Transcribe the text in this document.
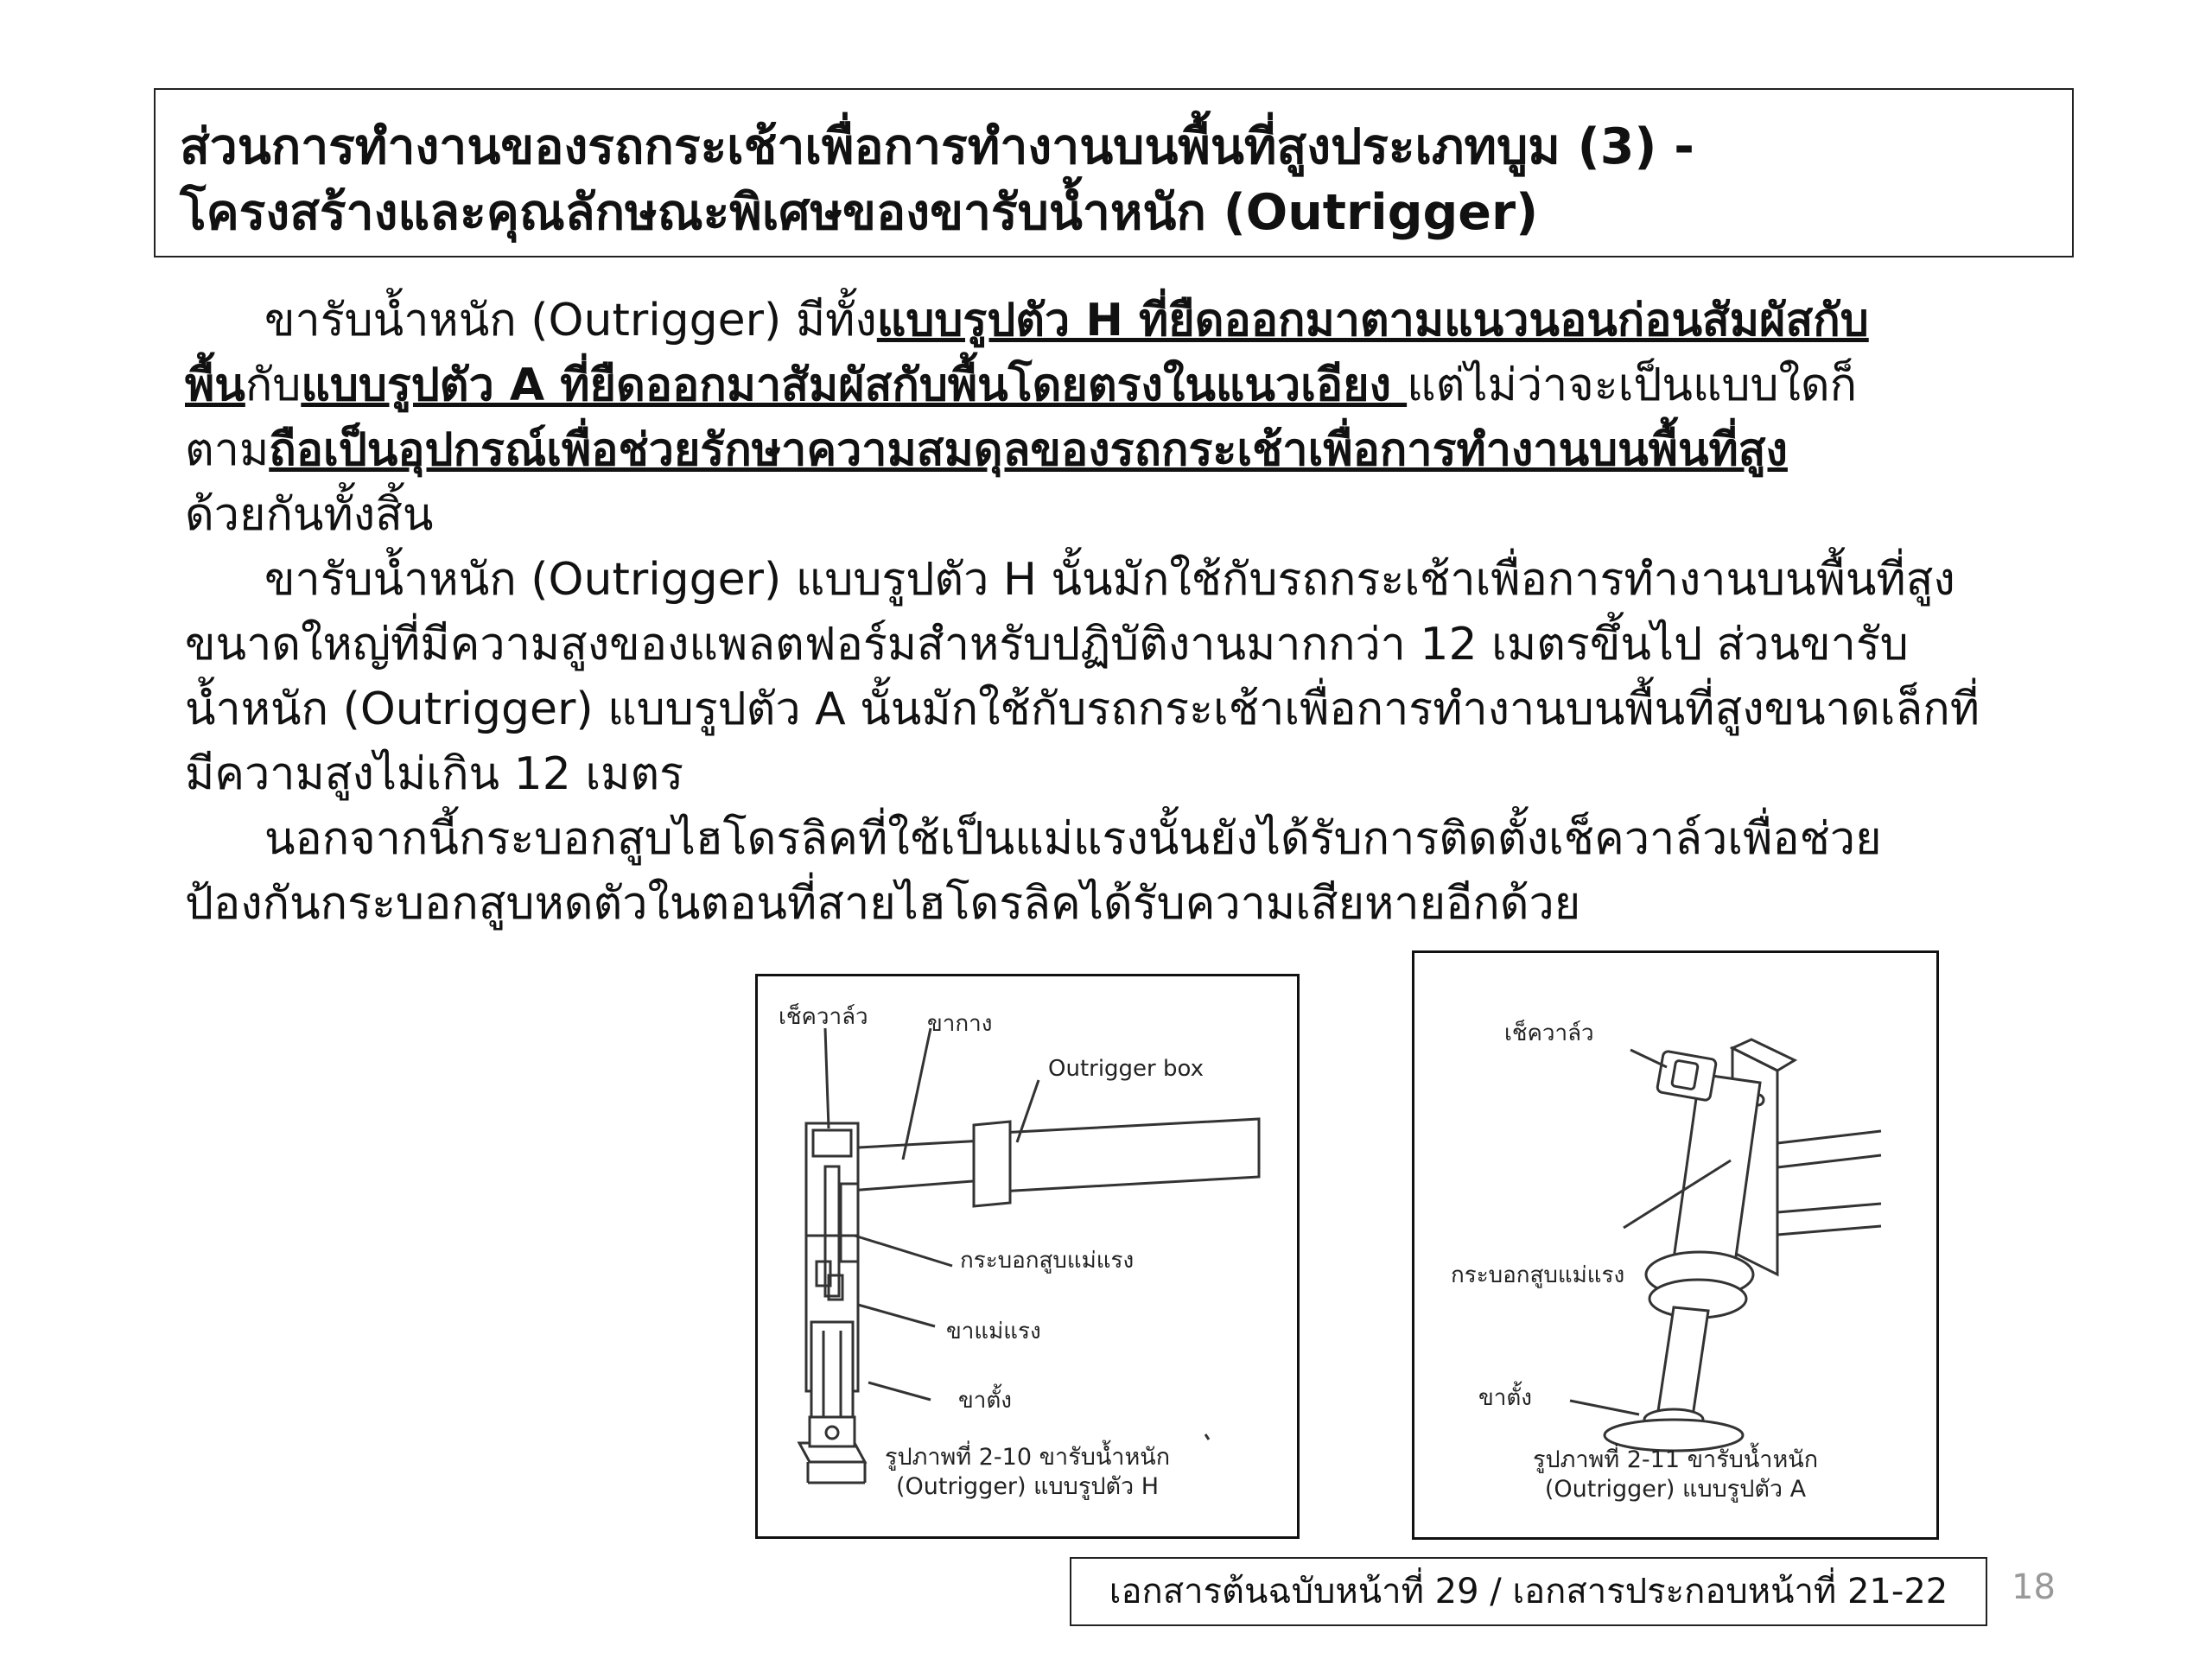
ส่วนการทำงานของรถกระเช้าเพื่อการทำงานบนพื้นที่สูงประเภทบูม (3) -
โครงสร้างและคุณลักษณะพิเศษของขารับน้ำหนัก (Outrigger)
ขารับน้ำหนัก (Outrigger) มีทั้งแบบรูปตัว H ที่ยืดออกมาตามแนวนอนก่อนสัมผัสกับ
พื้นกับแบบรูปตัว A ที่ยืดออกมาสัมผัสกับพื้นโดยตรงในแนวเอียง แต่ไม่ว่าจะเป็นแบบใดก็
ตามถือเป็นอุปกรณ์เพื่อช่วยรักษาความสมดุลของรถกระเช้าเพื่อการทำงานบนพื้นที่สูง
ด้วยกันทั้งสิ้น
ขารับน้ำหนัก (Outrigger) แบบรูปตัว H นั้นมักใช้กับรถกระเช้าเพื่อการทำงานบนพื้นที่สูง
ขนาดใหญ่ที่มีความสูงของแพลตฟอร์มสำหรับปฏิบัติงานมากกว่า 12 เมตรขึ้นไป ส่วนขารับ
น้ำหนัก (Outrigger) แบบรูปตัว A นั้นมักใช้กับรถกระเช้าเพื่อการทำงานบนพื้นที่สูงขนาดเล็กที่
มีความสูงไม่เกิน 12 เมตร
นอกจากนี้กระบอกสูบไฮโดรลิคที่ใช้เป็นแม่แรงนั้นยังได้รับการติดตั้งเช็ควาล์วเพื่อช่วย
ป้องกันกระบอกสูบหดตัวในตอนที่สายไฮโดรลิคได้รับความเสียหายอีกด้วย
เช็ควาล์ว	ขากาง
Outrigger box
กระบอกสูบแม่แรง
ขาแม่แรง
ขาตั้ง
รูปภาพที่ 2-10 ขารับน้ำหนัก
(Outrigger) แบบรูปตัว H
เช็ควาล์ว
กระบอกสูบแม่แรง
ขาตั้ง
รูปภาพที่ 2-11 ขารับน้ำหนัก
(Outrigger) แบบรูปตัว A
เอกสารต้นฉบับหน้าที่ 29 / เอกสารประกอบหน้าที่ 21-22	18
